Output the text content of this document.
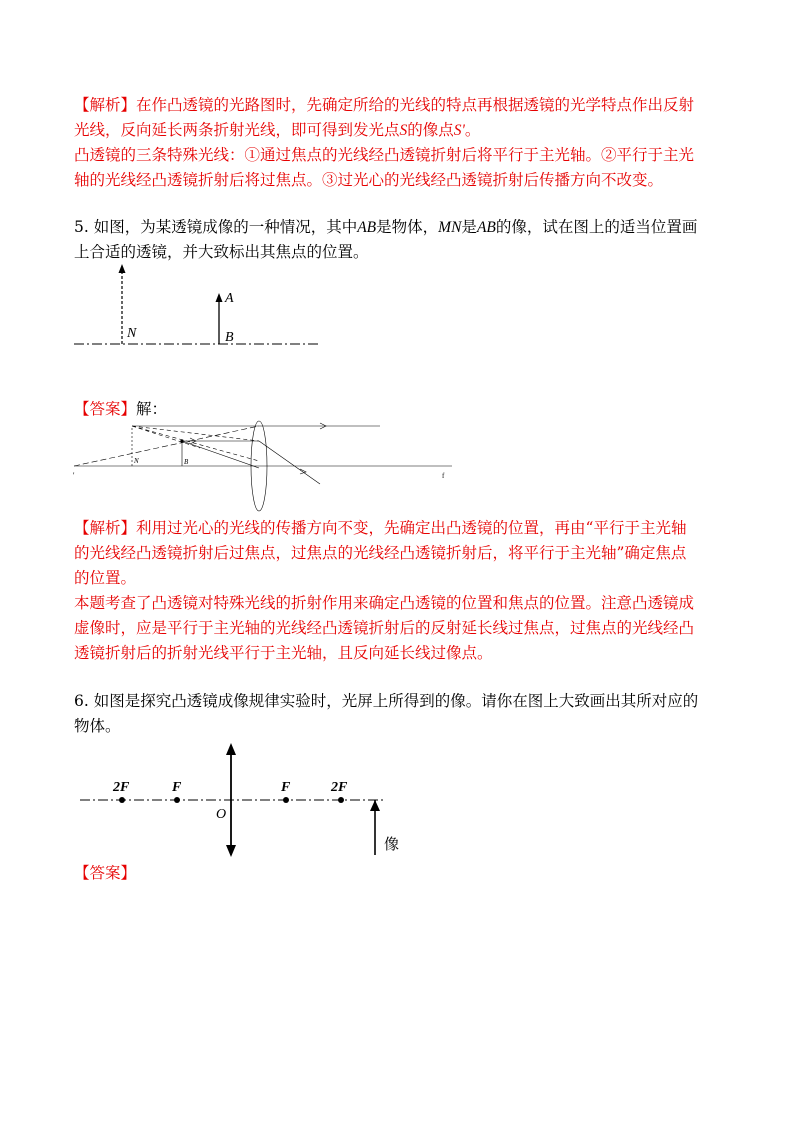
【解析】在作凸透镜的光路图时，先确定所给的光线的特点再根据透镜的光学特点作出反射
光线，反向延长两条折射光线，即可得到发光点S的像点S'。
凸透镜的三条特殊光线：①通过焦点的光线经凸透镜折射后将平行于主光轴。②平行于主光
轴的光线经凸透镜折射后将过焦点。③过光心的光线经凸透镜折射后传播方向不改变。
5. 如图，为某透镜成像的一种情况，其中AB是物体，MN是AB的像，试在图上的适当位置画
上合适的透镜，并大致标出其焦点的位置。
N
A
B
【答案】解：
N	B
'	f
【解析】利用过光心的光线的传播方向不变，先确定出凸透镜的位置，再由“平行于主光轴
的光线经凸透镜折射后过焦点，过焦点的光线经凸透镜折射后，将平行于主光轴”确定焦点
的位置。
本题考查了凸透镜对特殊光线的折射作用来确定凸透镜的位置和焦点的位置。注意凸透镜成
虚像时，应是平行于主光轴的光线经凸透镜折射后的反射延长线过焦点，过焦点的光线经凸
透镜折射后的折射光线平行于主光轴，且反向延长线过像点。
6. 如图是探究凸透镜成像规律实验时，光屏上所得到的像。请你在图上大致画出其所对应的
物体。
2F	F
O
F	2F
像
【答案】
